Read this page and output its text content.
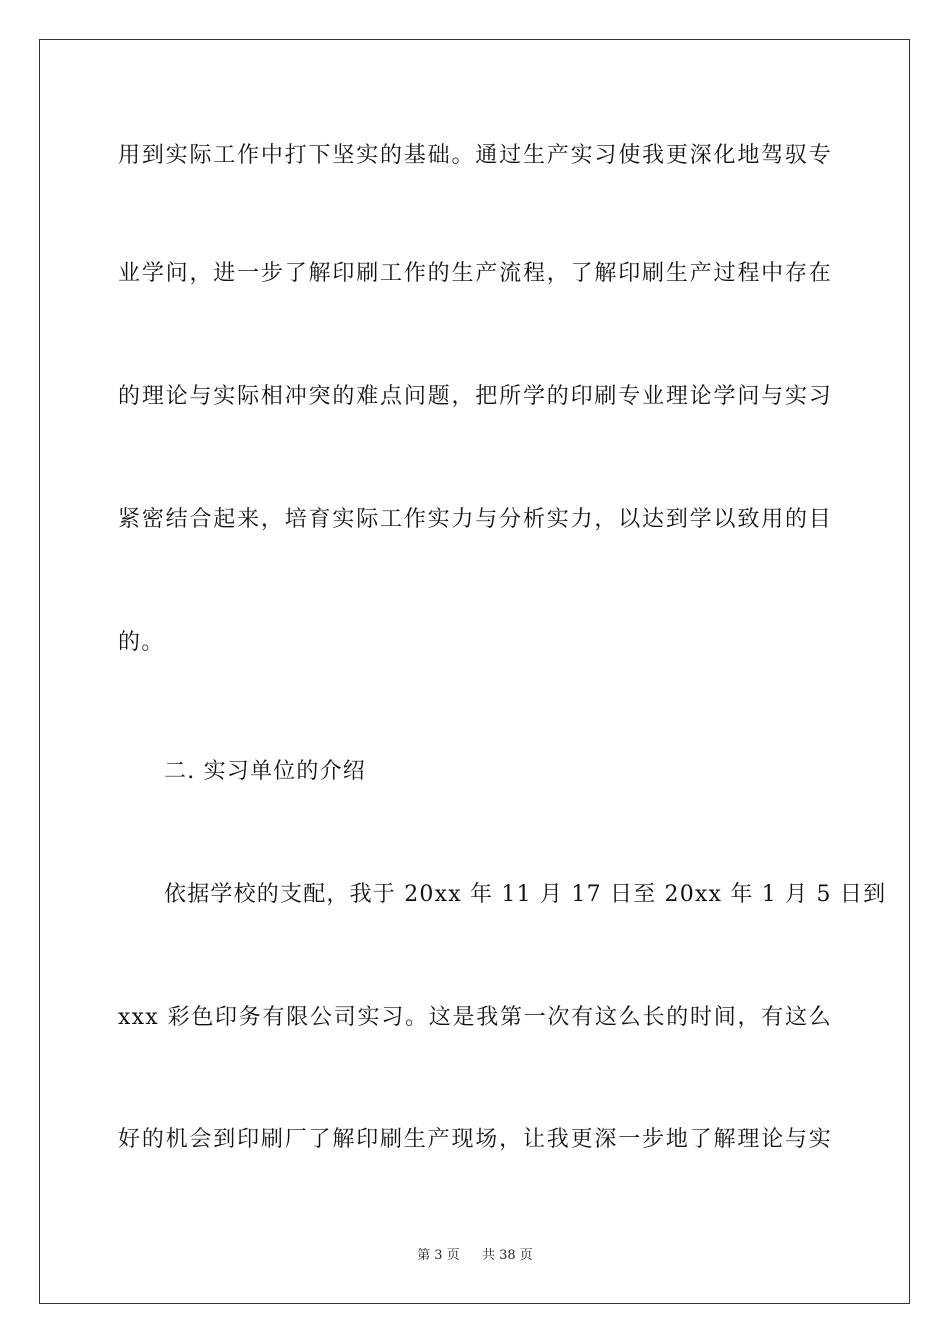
用到实际工作中打下坚实的基础。通过生产实习使我更深化地驾驭专
业学问，进一步了解印刷工作的生产流程，了解印刷生产过程中存在
的理论与实际相冲突的难点问题，把所学的印刷专业理论学问与实习
紧密结合起来，培育实际工作实力与分析实力，以达到学以致用的目
的。
二. 实习单位的介绍
依据学校的支配，我于 20xx 年 11 月 17 日至 20xx 年 1 月 5 日到
xxx 彩色印务有限公司实习。这是我第一次有这么长的时间，有这么
好的机会到印刷厂了解印刷生产现场，让我更深一步地了解理论与实
第 3 页 共 38 页
